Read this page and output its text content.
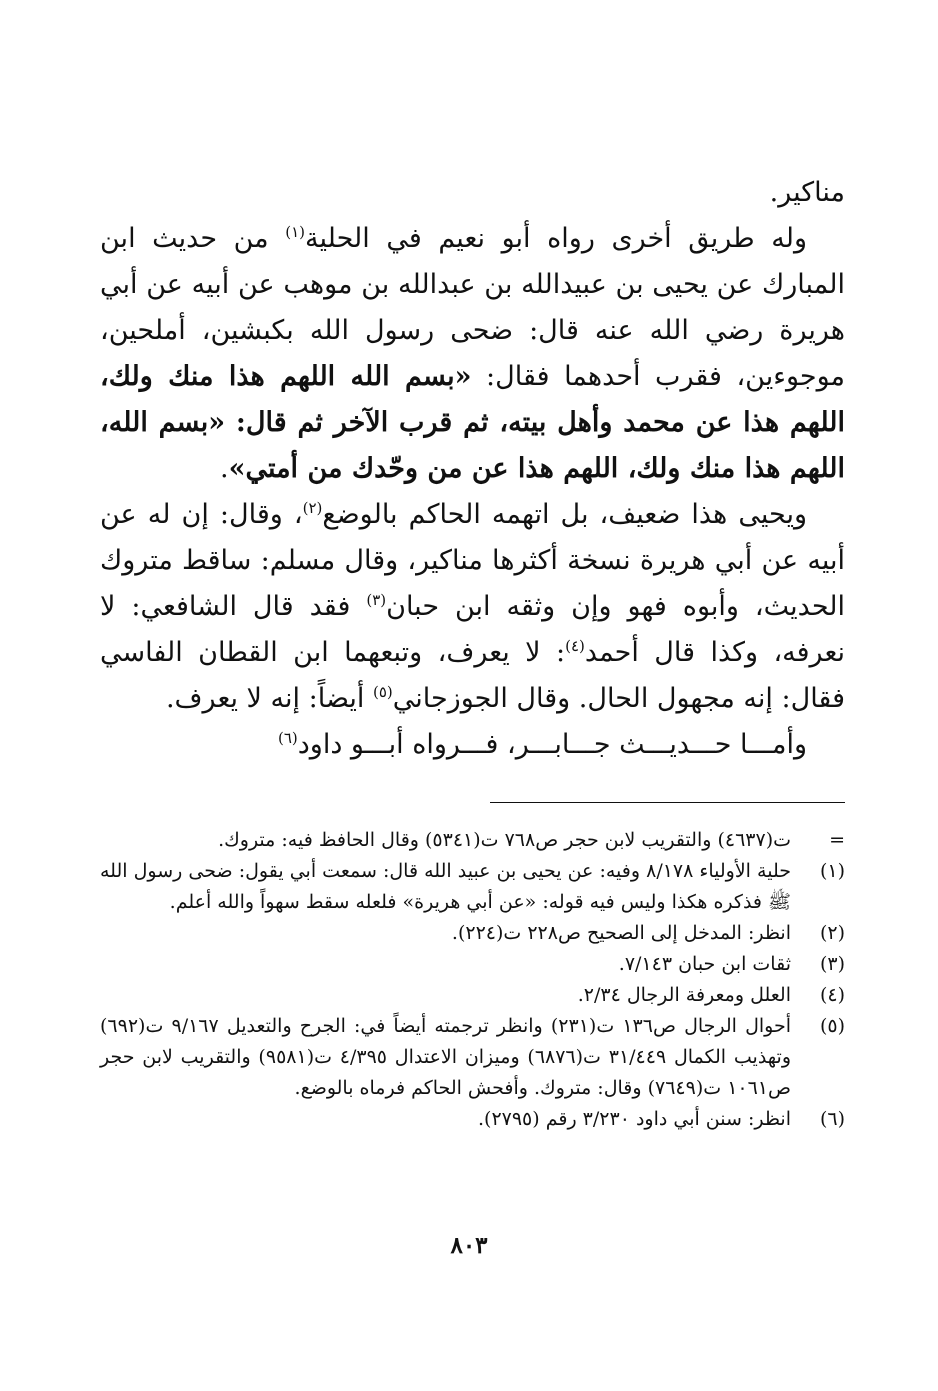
مناكير.

وله طريق أخرى رواه أبو نعيم في الحلية$^{(١)}$ من حديث ابن المبارك عن يحيى بن عبيدالله بن عبدالله بن موهب عن أبيه عن أبي هريرة رضي الله عنه قال: ضحى رسول الله بكبشين، أملحين، موجوءين، فقرب أحدهما فقال: «بسم الله اللهم هذا منك ولك، اللهم هذا عن محمد وأهل بيته، ثم قرب الآخر ثم قال: «بسم الله، اللهم هذا منك ولك، اللهم هذا عن من وحّدك من أمتي».

ويحيى هذا ضعيف، بل اتهمه الحاكم بالوضع$^{(٢)}$، وقال: إن له عن أبيه عن أبي هريرة نسخة أكثرها مناكير، وقال مسلم: ساقط متروك الحديث، وأبوه فهو وإن وثقه ابن حبان$^{(٣)}$ فقد قال الشافعي: لا نعرفه، وكذا قال أحمد$^{(٤)}$: لا يعرف، وتبعهما ابن القطان الفاسي فقال: إنه مجهول الحال. وقال الجوزجاني$^{(٥)}$ أيضاً: إنه لا يعرف.

وأمـــا حـــديـــث جـــابـــر، فـــرواه أبـــو داود$^{(٦)}$

=
ت(٤٦٣٧) والتقريب لابن حجر ص٧٦٨ ت(٥٣٤١) وقال الحافظ فيه: متروك.
(١)
حلية الأولياء ٨/١٧٨ وفيه: عن يحيى بن عبيد الله قال: سمعت أبي يقول: ضحى رسول الله ﷺ فذكره هكذا وليس فيه قوله: «عن أبي هريرة» فلعله سقط سهواً والله أعلم.
(٢)
انظر: المدخل إلى الصحيح ص٢٢٨ ت(٢٢٤).
(٣)
ثقات ابن حبان ٧/١٤٣.
(٤)
العلل ومعرفة الرجال ٢/٣٤.
(٥)
أحوال الرجال ص١٣٦ ت(٢٣١) وانظر ترجمته أيضاً في: الجرح والتعديل ٩/١٦٧ ت(٦٩٢) وتهذيب الكمال ٣١/٤٤٩ ت(٦٨٧٦) وميزان الاعتدال ٤/٣٩٥ ت(٩٥٨١) والتقريب لابن حجر ص١٠٦١ ت(٧٦٤٩) وقال: متروك. وأفحش الحاكم فرماه بالوضع.
(٦)
انظر: سنن أبي داود ٣/٢٣٠ رقم (٢٧٩٥).
٨٠٣
